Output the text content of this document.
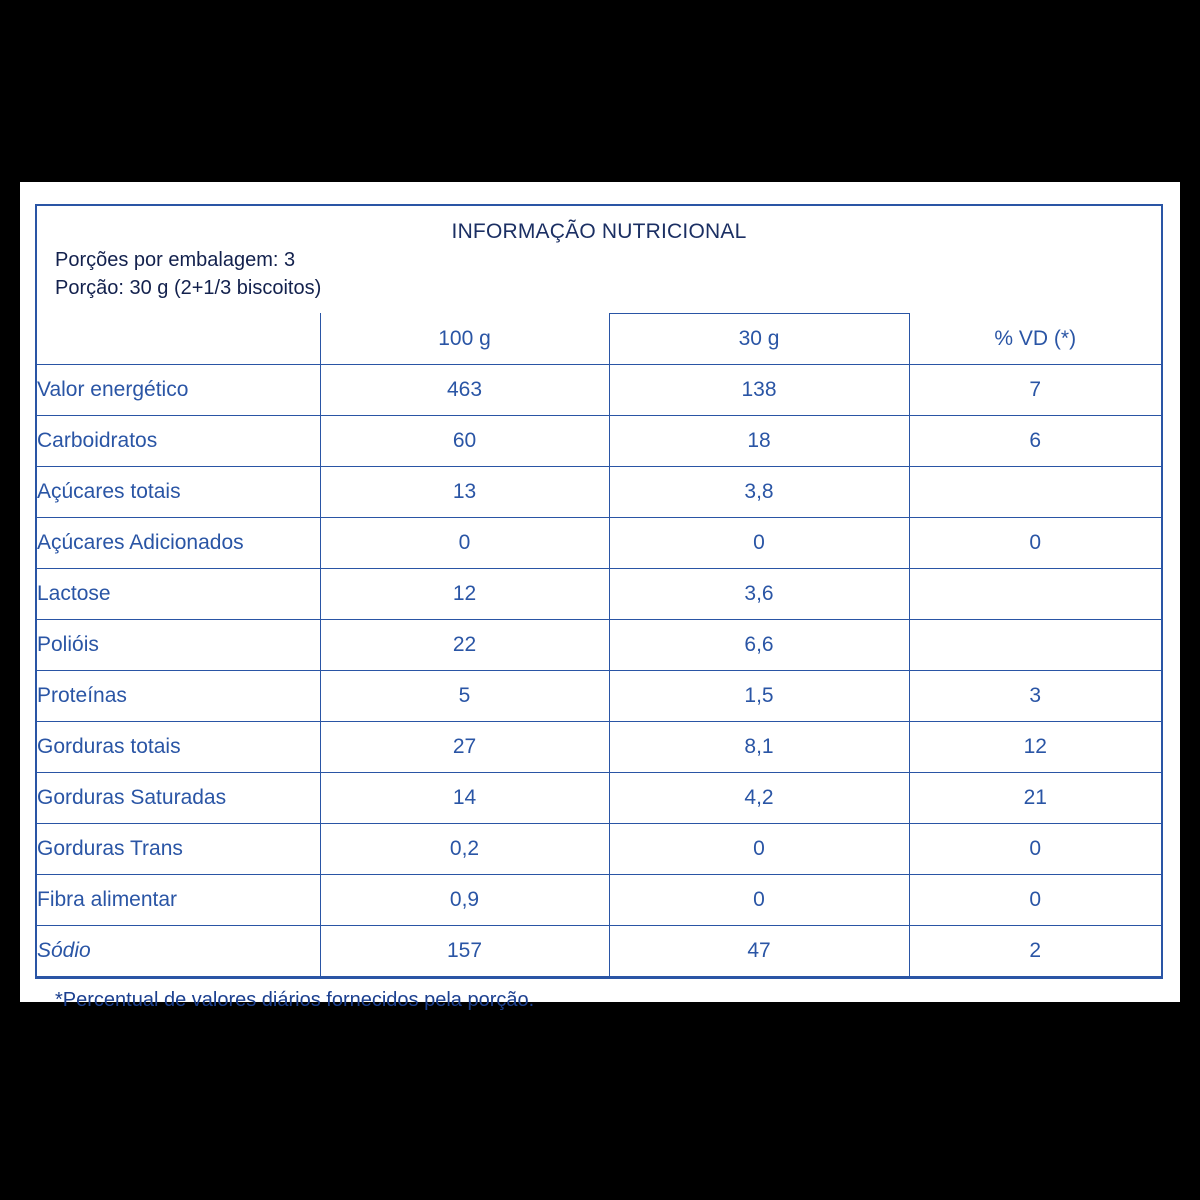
INFORMAÇÃO NUTRICIONAL
Porções por embalagem: 3
Porção: 30 g (2+1/3 biscoitos)
	100 g	30 g	% VD (*)
Valor energético	463	138	7
Carboidratos	60	18	6
Açúcares totais	13	3,8	
Açúcares Adicionados	0	0	0
Lactose	12	3,6	
Polióis	22	6,6	
Proteínas	5	1,5	3
Gorduras totais	27	8,1	12
Gorduras Saturadas	14	4,2	21
Gorduras Trans	0,2	0	0
Fibra alimentar	0,9	0	0
Sódio	157	47	2
*Percentual de valores diários fornecidos pela porção.
